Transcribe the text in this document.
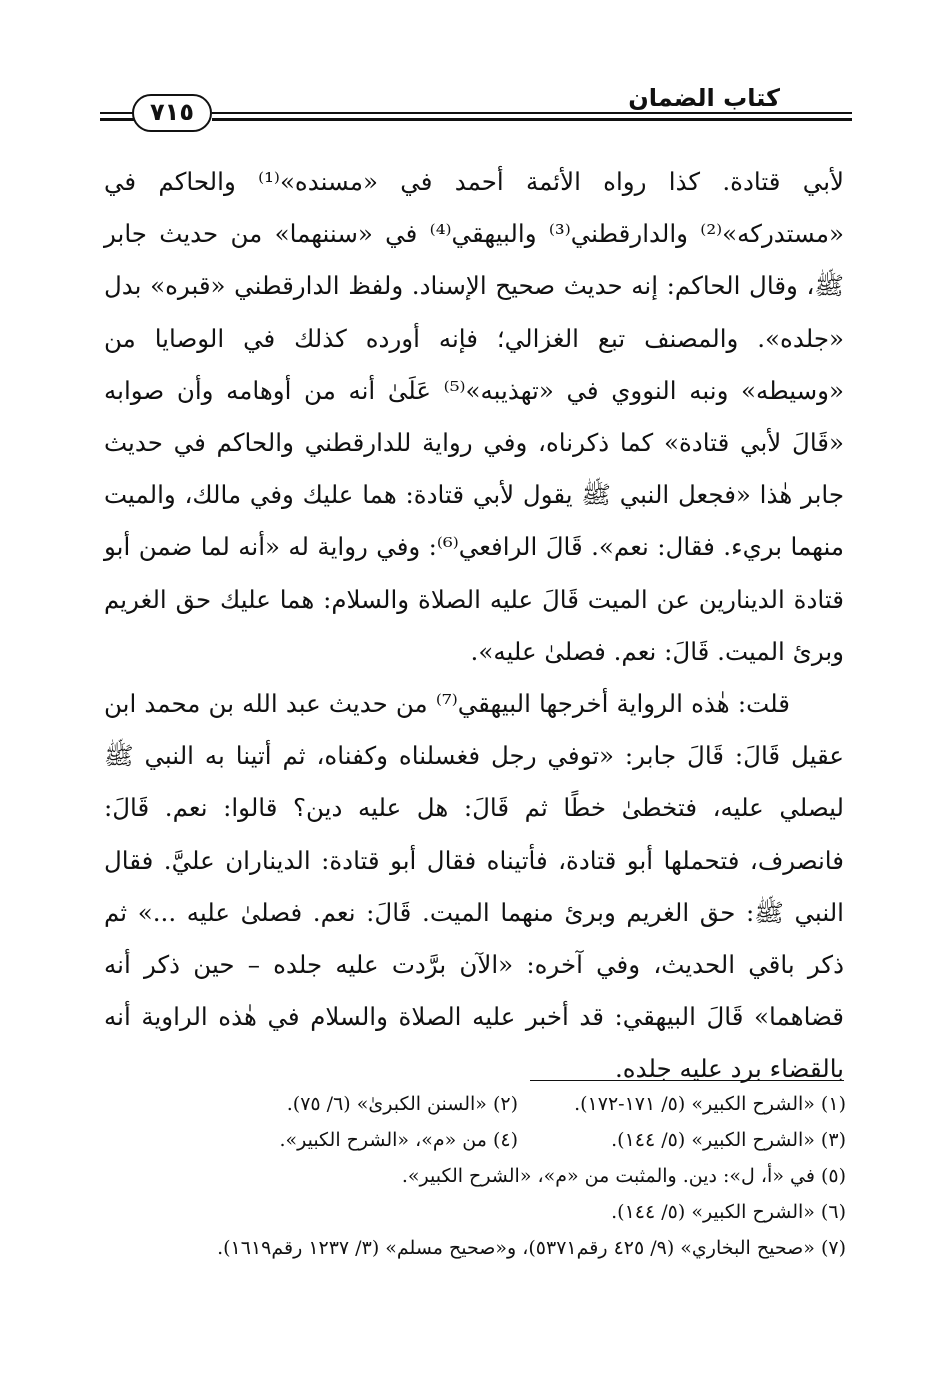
٧١٥	كتاب الضمان

لأبي قتادة. كذا رواه الأئمة أحمد في «مسنده»⁽¹⁾ والحاكم في «مستدركه»⁽²⁾ والدارقطني⁽³⁾ والبيهقي⁽⁴⁾ في «سننهما» من حديث جابر ﷺ، وقال الحاكم: إنه حديث صحيح الإسناد. ولفظ الدارقطني «قبره» بدل «جلده». والمصنف تبع الغزالي؛ فإنه أورده كذلك في الوصايا من «وسيطه» ونبه النووي في «تهذيبه»⁽⁵⁾ عَلَىٰ أنه من أوهامه وأن صوابه «قَالَ لأبي قتادة» كما ذكرناه، وفي رواية للدارقطني والحاكم في حديث جابر هٰذا «فجعل النبي ﷺ يقول لأبي قتادة: هما عليك وفي مالك، والميت منهما بريء. فقال: نعم». قَالَ الرافعي⁽⁶⁾: وفي رواية له «أنه لما ضمن أبو قتادة الدينارين عن الميت قَالَ عليه الصلاة والسلام: هما عليك حق الغريم وبرئ الميت. قَالَ: نعم. فصلىٰ عليه».

قلت: هٰذه الرواية أخرجها البيهقي⁽⁷⁾ من حديث عبد الله بن محمد ابن عقيل قَالَ: قَالَ جابر: «توفي رجل فغسلناه وكفناه، ثم أتينا به النبي ﷺ ليصلي عليه، فتخطىٰ خطًا ثم قَالَ: هل عليه دين؟ قالوا: نعم. قَالَ: فانصرف، فتحملها أبو قتادة، فأتيناه فقال أبو قتادة: الديناران عليَّ. فقال النبي ﷺ: حق الغريم وبرئ منهما الميت. قَالَ: نعم. فصلىٰ عليه ...» ثم ذكر باقي الحديث، وفي آخره: «الآن برَّدت عليه جلده – حين ذكر أنه قضاهما» قَالَ البيهقي: قد أخبر عليه الصلاة والسلام في هٰذه الراوية أنه بالقضاء برد عليه جلده.

(١) «الشرح الكبير» (٥/ ١٧١-١٧٢).
(٢) «السنن الكبرىٰ» (٦/ ٧٥).
(٣) «الشرح الكبير» (٥/ ١٤٤).
(٤) من «م»، «الشرح الكبير».
(٥) في «أ، ل»: دين. والمثبت من «م»، «الشرح الكبير».
(٦) «الشرح الكبير» (٥/ ١٤٤).
(٧) «صحيح البخاري» (٩/ ٤٢٥ رقم٥٣٧١)، و«صحيح مسلم» (٣/ ١٢٣٧ رقم١٦١٩).
